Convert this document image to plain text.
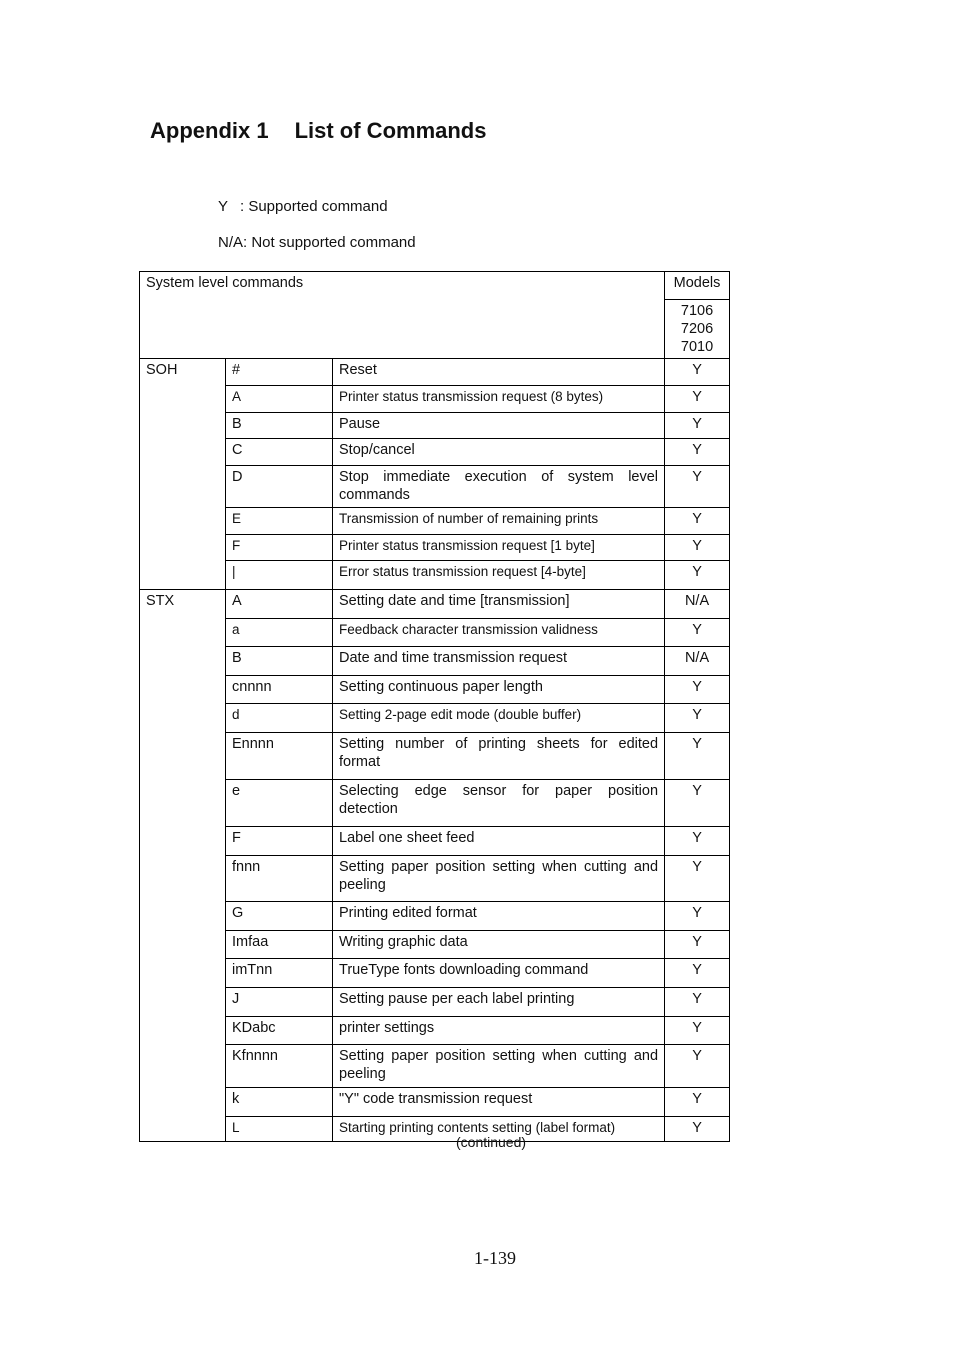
Appendix 1 List of Commands
Y : Supported command
N/A: Not supported command
System level commands			Models

			7106
7206
7010

SOH	#	Reset	Y
	A	Printer status transmission request (8 bytes)	Y
	B	Pause	Y
	C	Stop/cancel	Y
	D	Stop immediate execution of system level commands	Y
	E	Transmission of number of remaining prints	Y
	F	Printer status transmission request [1 byte]	Y
	|	Error status transmission request [4-byte]	Y
STX	A	Setting date and time [transmission]	N/A
	a	Feedback character transmission validness	Y
	B	Date and time transmission request	N/A
	cnnnn	Setting continuous paper length	Y
	d	Setting 2-page edit mode (double buffer)	Y
	Ennnn	Setting number of printing sheets for edited format	Y
	e	Selecting edge sensor for paper position detection	Y
	F	Label one sheet feed	Y
	fnnn	Setting paper position setting when cutting and peeling	Y
	G	Printing edited format	Y
	Imfaa	Writing graphic data	Y
	imTnn	TrueType fonts downloading command	Y
	J	Setting pause per each label printing	Y
	KDabc	printer settings	Y
	Kfnnnn	Setting paper position setting when cutting and peeling	Y
	k	"Y" code transmission request	Y
	L	Starting printing contents setting (label format)	Y
(continued)
1-139
